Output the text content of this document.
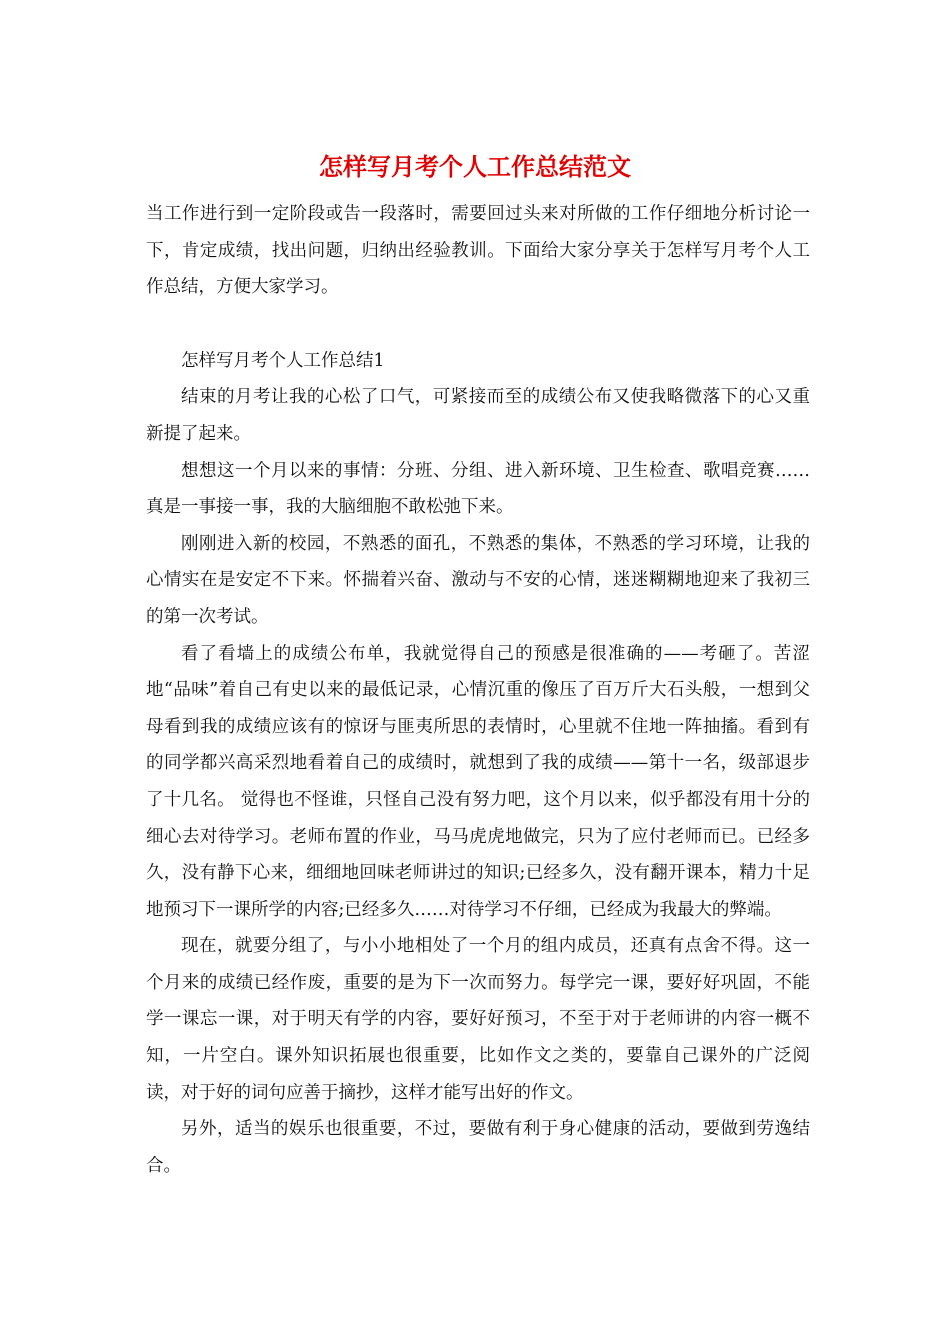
怎样写月考个人工作总结范文

当工作进行到一定阶段或告一段落时，需要回过头来对所做的工作仔细地分析讨论一下，肯定成绩，找出问题，归纳出经验教训。下面给大家分享关于怎样写月考个人工作总结，方便大家学习。

怎样写月考个人工作总结1

结束的月考让我的心松了口气，可紧接而至的成绩公布又使我略微落下的心又重新提了起来。

想想这一个月以来的事情：分班、分组、进入新环境、卫生检查、歌唱竞赛……真是一事接一事，我的大脑细胞不敢松弛下来。

刚刚进入新的校园，不熟悉的面孔，不熟悉的集体，不熟悉的学习环境，让我的心情实在是安定不下来。怀揣着兴奋、激动与不安的心情，迷迷糊糊地迎来了我初三的第一次考试。

看了看墙上的成绩公布单，我就觉得自己的预感是很准确的——考砸了。苦涩地“品味”着自己有史以来的最低记录，心情沉重的像压了百万斤大石头般，一想到父母看到我的成绩应该有的惊讶与匪夷所思的表情时，心里就不住地一阵抽搐。看到有的同学都兴高采烈地看着自己的成绩时，就想到了我的成绩——第十一名，级部退步了十几名。 觉得也不怪谁，只怪自己没有努力吧，这个月以来，似乎都没有用十分的细心去对待学习。老师布置的作业，马马虎虎地做完，只为了应付老师而已。已经多久，没有静下心来，细细地回味老师讲过的知识;已经多久，没有翻开课本，精力十足地预习下一课所学的内容;已经多久……对待学习不仔细，已经成为我最大的弊端。

现在，就要分组了，与小小地相处了一个月的组内成员，还真有点舍不得。这一个月来的成绩已经作废，重要的是为下一次而努力。每学完一课，要好好巩固，不能学一课忘一课，对于明天有学的内容，要好好预习，不至于对于老师讲的内容一概不知，一片空白。课外知识拓展也很重要，比如作文之类的，要靠自己课外的广泛阅读，对于好的词句应善于摘抄，这样才能写出好的作文。

另外，适当的娱乐也很重要，不过，要做有利于身心健康的活动，要做到劳逸结合。
